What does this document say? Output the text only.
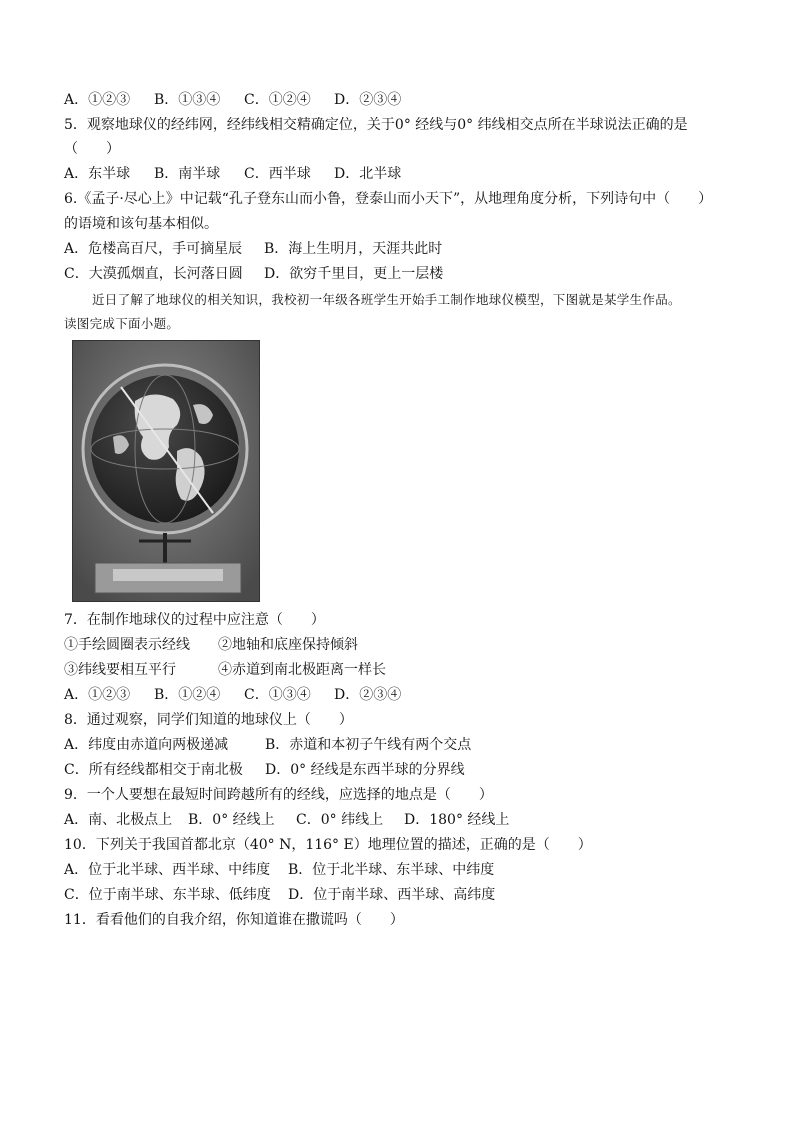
A．①②③

B．①③④

C．①②④

D．②③④

5．观察地球仪的经纬网，经纬线相交精确定位，关于0° 经线与0° 纬线相交点所在半球说法正确的是
（　　）

A．东半球

B．南半球

C．西半球

D．北半球

6.《孟子·尽心上》中记载“孔子登东山而小鲁，登泰山而小天下”，从地理角度分析，下列诗句中（　　）
的语境和该句基本相似。

A．危楼高百尺，手可摘星辰

B．海上生明月，天涯共此时

C．大漠孤烟直，长河落日圆

D．欲穷千里目，更上一层楼

近日了解了地球仪的相关知识，我校初一年级各班学生开始手工制作地球仪模型，下图就是某学生作品。
读图完成下面小题。
7．在制作地球仪的过程中应注意（　　）

①手绘圆圈表示经线

②地轴和底座保持倾斜

③纬线要相互平行

	④赤道到南北极距离一样长

A．①②③

B．①②④

C．①③④

D．②③④

8．通过观察，同学们知道的地球仪上（　　）

A．纬度由赤道向两极递减

	B．赤道和本初子午线有两个交点

C．所有经线都相交于南北极

D．0° 经线是东西半球的分界线

9．一个人要想在最短时间跨越所有的经线，应选择的地点是（　　）

A．南、北极点上

B．0° 经线上

C．0° 纬线上

D．180° 经线上

10．下列关于我国首都北京（40° N，116° E）地理位置的描述，正确的是（　　）

A．位于北半球、西半球、中纬度

B．位于北半球、东半球、中纬度

C．位于南半球、东半球、低纬度

D．位于南半球、西半球、高纬度

11．看看他们的自我介绍，你知道谁在撒谎吗（　　）
